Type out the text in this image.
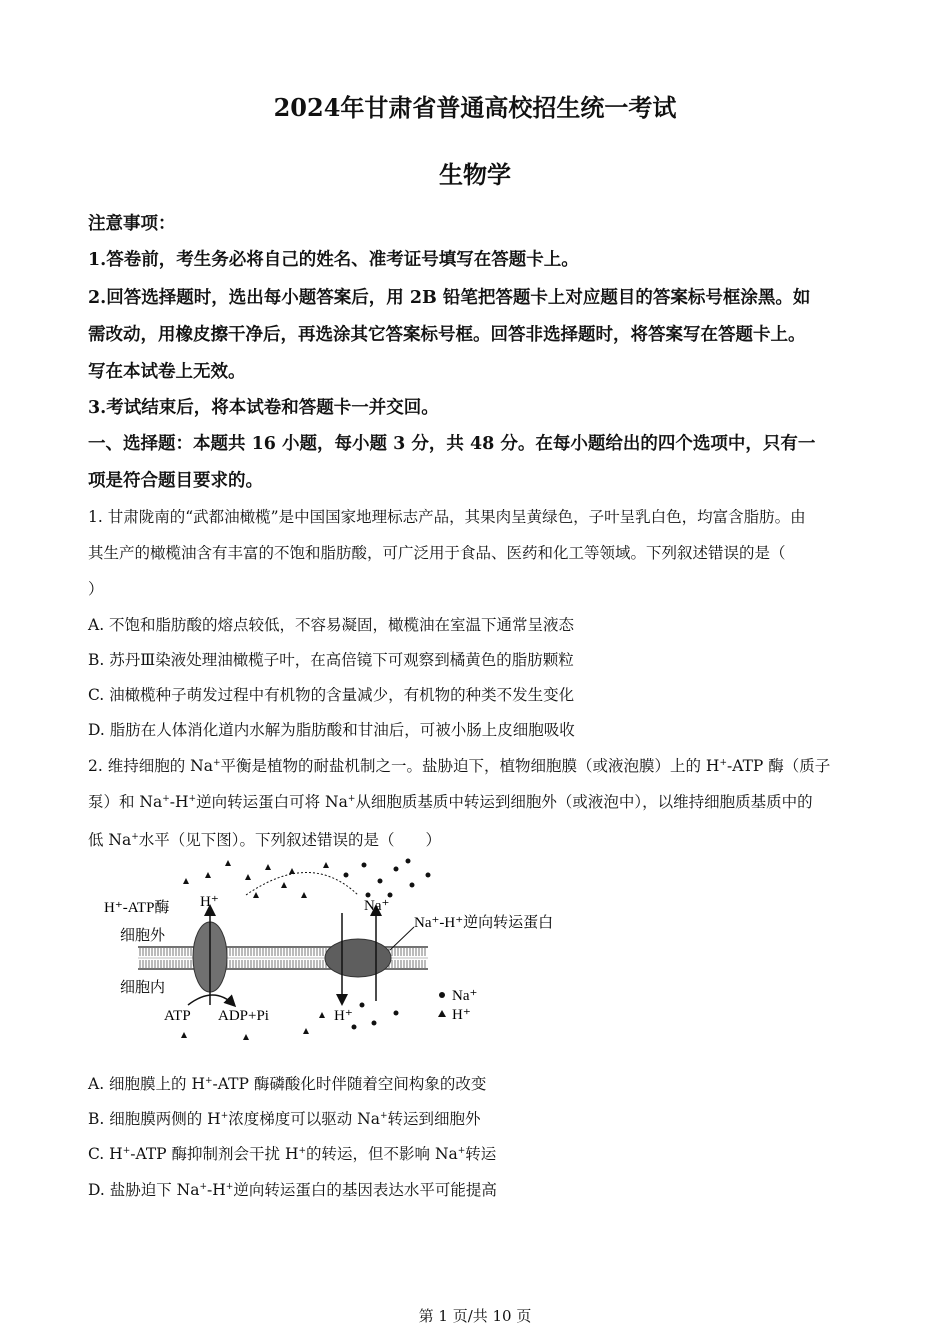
2024年甘肃省普通高校招生统一考试
生物学
注意事项：
1.答卷前，考生务必将自己的姓名、准考证号填写在答题卡上。
2.回答选择题时，选出每小题答案后，用 2B 铅笔把答题卡上对应题目的答案标号框涂黑。如
需改动，用橡皮擦干净后，再选涂其它答案标号框。回答非选择题时，将答案写在答题卡上。
写在本试卷上无效。
3.考试结束后，将本试卷和答题卡一并交回。
一、选择题：本题共 16 小题，每小题 3 分，共 48 分。在每小题给出的四个选项中，只有一
项是符合题目要求的。
1. 甘肃陇南的“武都油橄榄”是中国国家地理标志产品，其果肉呈黄绿色，子叶呈乳白色，均富含脂肪。由
其生产的橄榄油含有丰富的不饱和脂肪酸，可广泛用于食品、医药和化工等领域。下列叙述错误的是（
）
A. 不饱和脂肪酸的熔点较低，不容易凝固，橄榄油在室温下通常呈液态
B. 苏丹Ⅲ染液处理油橄榄子叶，在高倍镜下可观察到橘黄色的脂肪颗粒
C. 油橄榄种子萌发过程中有机物的含量减少，有机物的种类不发生变化
D. 脂肪在人体消化道内水解为脂肪酸和甘油后，可被小肠上皮细胞吸收
2. 维持细胞的 Na+平衡是植物的耐盐机制之一。盐胁迫下，植物细胞膜（或液泡膜）上的 H+-ATP 酶（质子
泵）和 Na+-H+逆向转运蛋白可将 Na+从细胞质基质中转运到细胞外（或液泡中），以维持细胞质基质中的
低 Na+水平（见下图）。下列叙述错误的是（　　）
H⁺-ATP酶 H⁺	Na⁺
Na⁺-H⁺逆向转运蛋白
细胞外
细胞内
ATP ADP+Pi	H⁺
Na⁺
H⁺
第 1 页/共 10 页
A. 细胞膜上的 H+-ATP 酶磷酸化时伴随着空间构象的改变
B. 细胞膜两侧的 H+浓度梯度可以驱动 Na+转运到细胞外
C. H+-ATP 酶抑制剂会干扰 H+的转运，但不影响 Na+转运
D. 盐胁迫下 Na+-H+逆向转运蛋白的基因表达水平可能提高
